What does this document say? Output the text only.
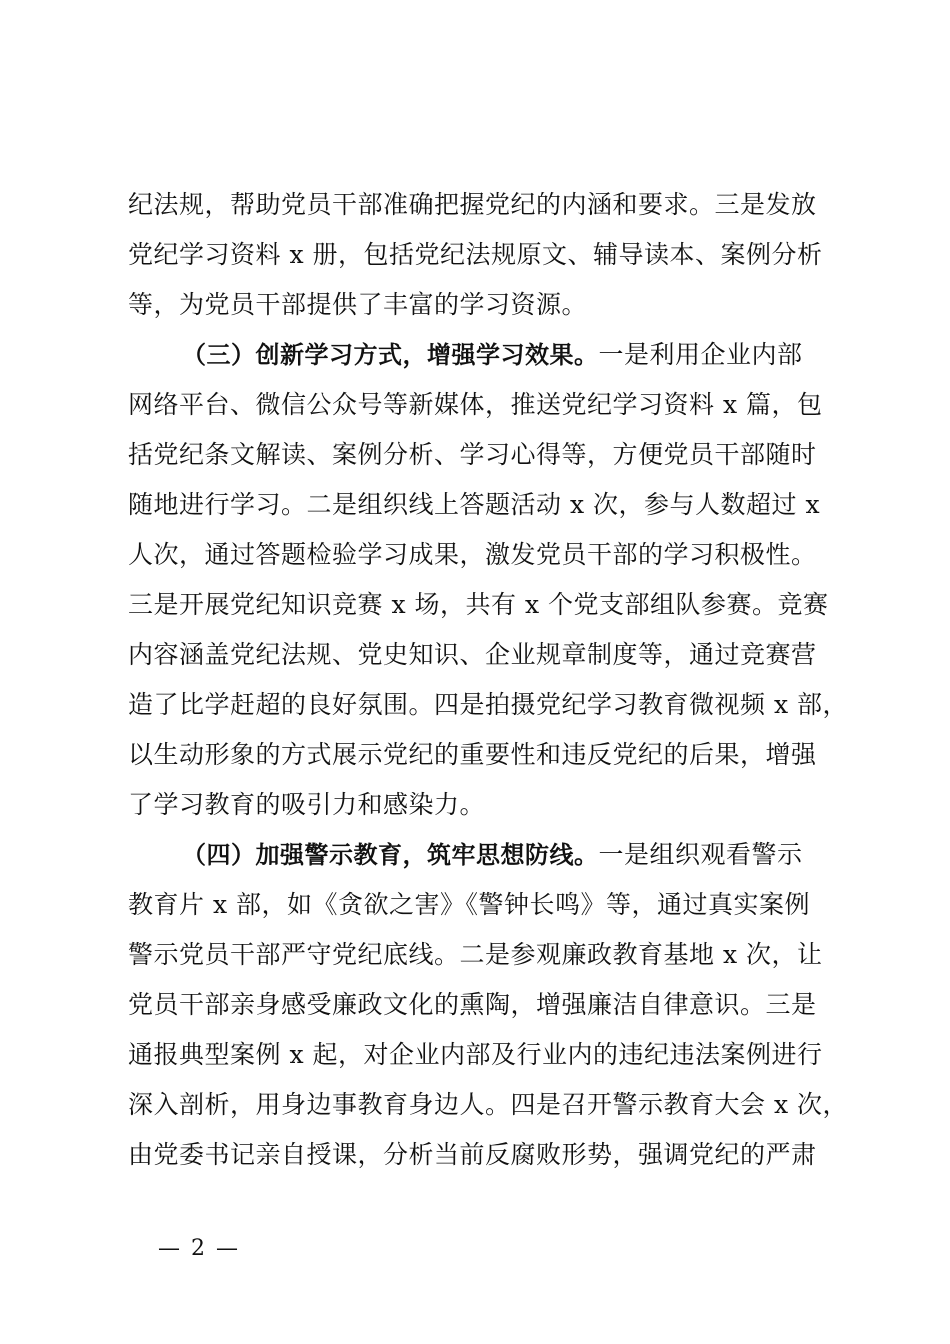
纪法规，帮助党员干部准确把握党纪的内涵和要求。三是发放
党纪学习资料 x 册，包括党纪法规原文、辅导读本、案例分析
等，为党员干部提供了丰富的学习资源。
（三）创新学习方式，增强学习效果。一是利用企业内部
网络平台、微信公众号等新媒体，推送党纪学习资料 x 篇，包
括党纪条文解读、案例分析、学习心得等，方便党员干部随时
随地进行学习。二是组织线上答题活动 x 次，参与人数超过 x
人次，通过答题检验学习成果，激发党员干部的学习积极性。
三是开展党纪知识竞赛 x 场，共有 x 个党支部组队参赛。竞赛
内容涵盖党纪法规、党史知识、企业规章制度等，通过竞赛营
造了比学赶超的良好氛围。四是拍摄党纪学习教育微视频 x 部，
以生动形象的方式展示党纪的重要性和违反党纪的后果，增强
了学习教育的吸引力和感染力。
（四）加强警示教育，筑牢思想防线。一是组织观看警示
教育片 x 部，如《贪欲之害》《警钟长鸣》等，通过真实案例
警示党员干部严守党纪底线。二是参观廉政教育基地 x 次，让
党员干部亲身感受廉政文化的熏陶，增强廉洁自律意识。三是
通报典型案例 x 起，对企业内部及行业内的违纪违法案例进行
深入剖析，用身边事教育身边人。四是召开警示教育大会 x 次，
由党委书记亲自授课，分析当前反腐败形势，强调党纪的严肃
— 2 —
